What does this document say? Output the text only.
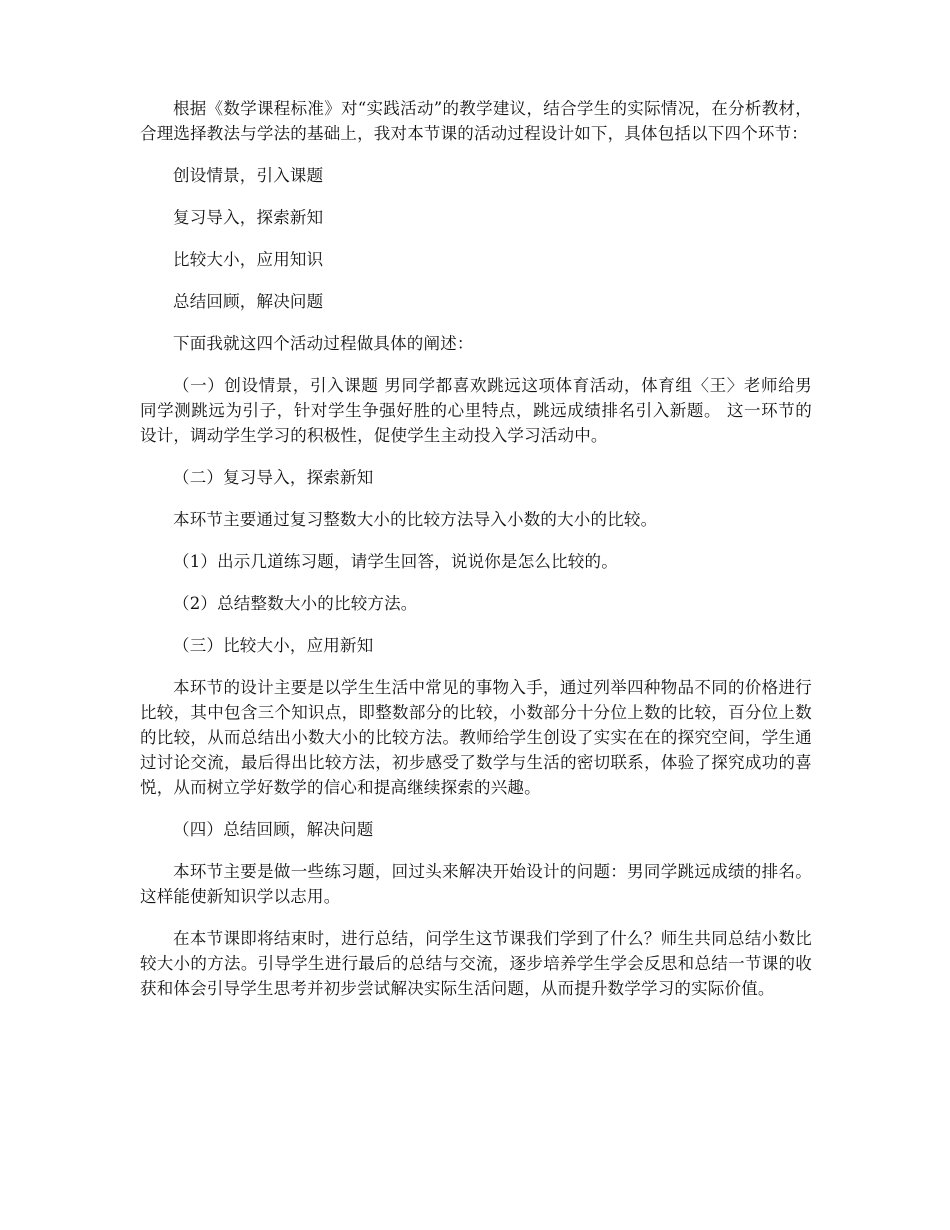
根据《数学课程标准》对“实践活动”的教学建议，结合学生的实际情况，在分析教材，合理选择教法与学法的基础上，我对本节课的活动过程设计如下，具体包括以下四个环节：

创设情景，引入课题

复习导入，探索新知

比较大小，应用知识

总结回顾，解决问题

下面我就这四个活动过程做具体的阐述：

（一）创设情景，引入课题 男同学都喜欢跳远这项体育活动，体育组〈王〉老师给男同学测跳远为引子，针对学生争强好胜的心里特点，跳远成绩排名引入新题。 这一环节的设计，调动学生学习的积极性，促使学生主动投入学习活动中。

（二）复习导入，探索新知

本环节主要通过复习整数大小的比较方法导入小数的大小的比较。

（1）出示几道练习题，请学生回答，说说你是怎么比较的。

（2）总结整数大小的比较方法。

（三）比较大小，应用新知

本环节的设计主要是以学生生活中常见的事物入手，通过列举四种物品不同的价格进行比较，其中包含三个知识点，即整数部分的比较，小数部分十分位上数的比较，百分位上数的比较，从而总结出小数大小的比较方法。教师给学生创设了实实在在的探究空间，学生通过讨论交流，最后得出比较方法，初步感受了数学与生活的密切联系，体验了探究成功的喜悦，从而树立学好数学的信心和提高继续探索的兴趣。

（四）总结回顾，解决问题

本环节主要是做一些练习题，回过头来解决开始设计的问题：男同学跳远成绩的排名。这样能使新知识学以志用。

在本节课即将结束时，进行总结，问学生这节课我们学到了什么？师生共同总结小数比较大小的方法。引导学生进行最后的总结与交流，逐步培养学生学会反思和总结一节课的收获和体会引导学生思考并初步尝试解决实际生活问题，从而提升数学学习的实际价值。
